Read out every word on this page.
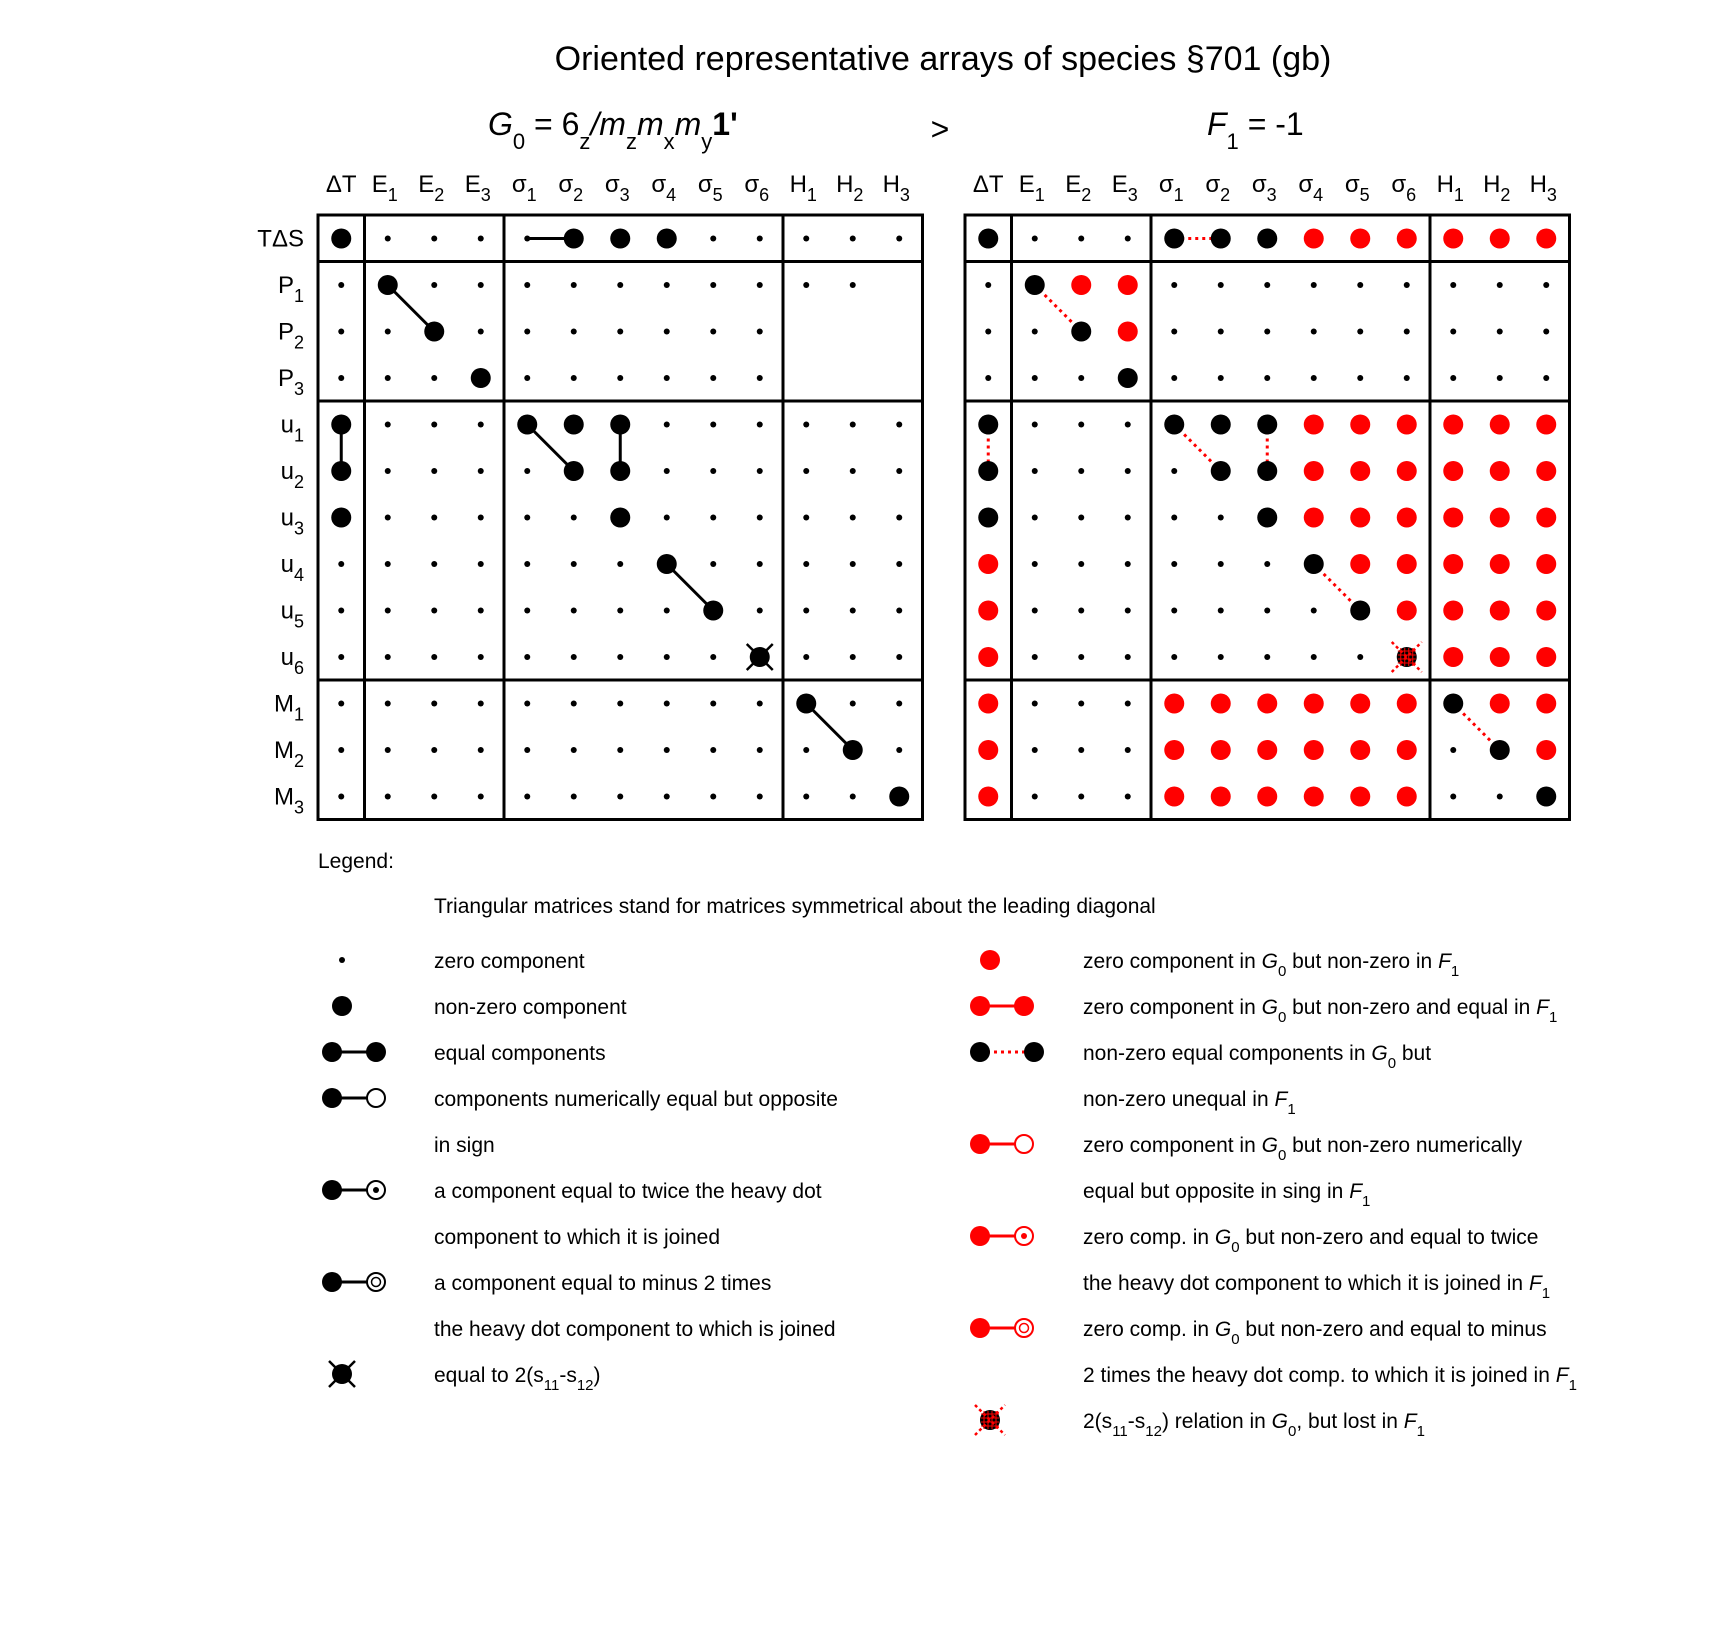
Oriented representative arrays of species §701 (gb)
$G_0 = 6_z/m_zm_xm_y1'$	>	$F_1 = -1$
ΔT $E_1$ $E_2$ $E_3$ $\sigma_1$ $\sigma_2$ $\sigma_3$ $\sigma_4$ $\sigma_5$ $\sigma_6$ $H_1$ $H_2$ $H_3$
TΔS
$P_1$
$P_2$
$P_3$
$u_1$
$u_2$
$u_3$
$u_4$
$u_5$
$u_6$
$M_1$
$M_2$
$M_3$
ΔT $E_1$ $E_2$ $E_3$ $\sigma_1$ $\sigma_2$ $\sigma_3$ $\sigma_4$ $\sigma_5$ $\sigma_6$ $H_1$ $H_2$ $H_3$
Legend:
Triangular matrices stand for matrices symmetrical about the leading diagonal
zero component
non-zero component
equal components
components numerically equal but opposite
in sign
a component equal to twice the heavy dot
component to which it is joined
a component equal to minus 2 times
the heavy dot component to which is joined
equal to $2(s_{11}-s_{12})$
zero component in $G_0$ but non-zero in $F_1$
zero component in $G_0$ but non-zero and equal in $F_1$
non-zero equal components in $G_0$ but
non-zero unequal in $F_1$
zero component in $G_0$ but non-zero numerically
equal but opposite in sing in $F_1$
zero comp. in $G_0$ but non-zero and equal to twice
the heavy dot component to which it is joined in $F_1$
zero comp. in $G_0$ but non-zero and equal to minus
2 times the heavy dot comp. to which it is joined in $F_1$
$2(s_{11}-s_{12})$ relation in $G_0$, but lost in $F_1$
